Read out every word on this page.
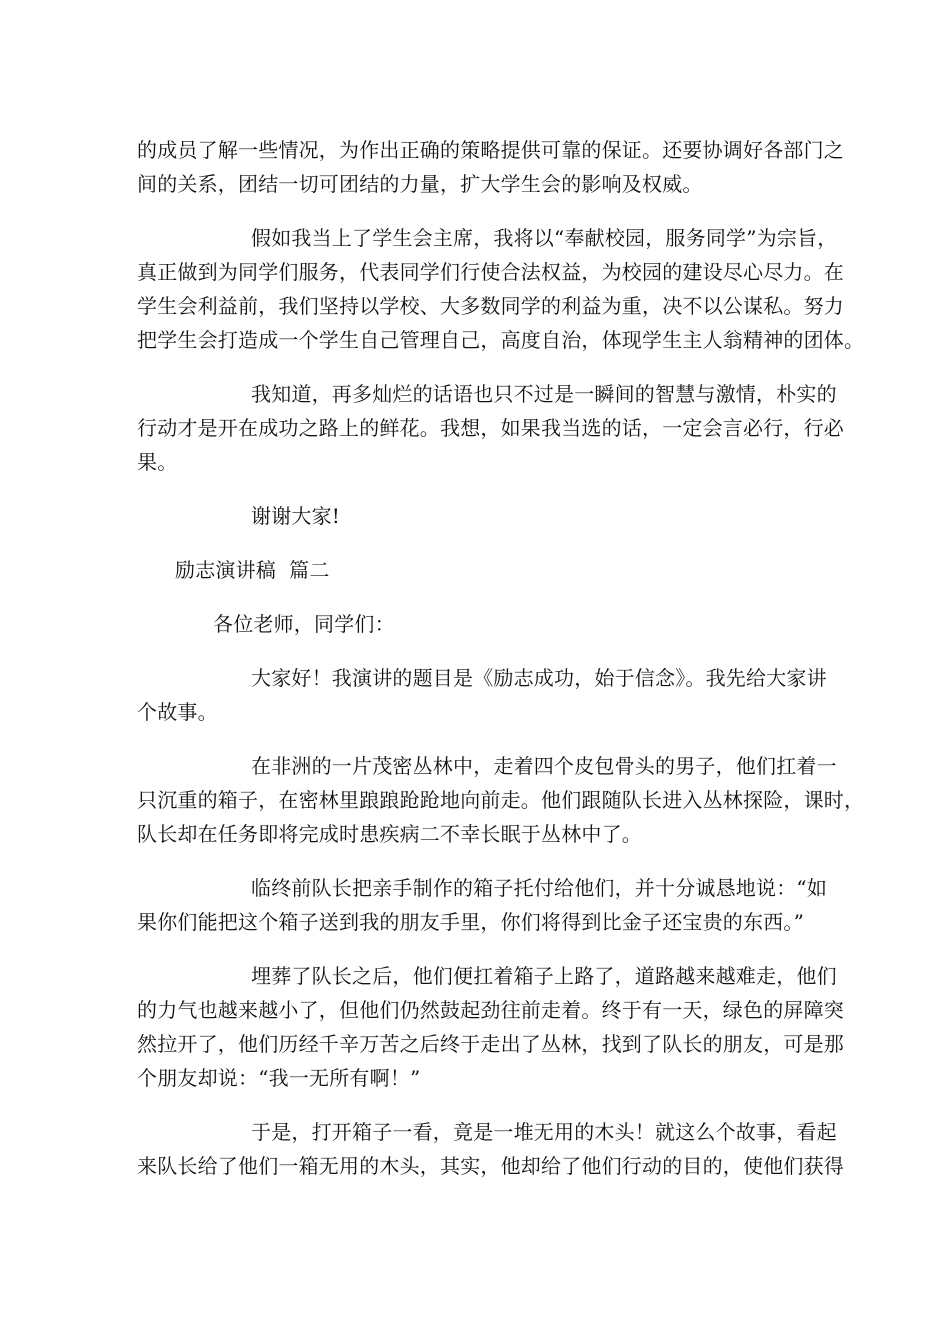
的成员了解一些情况，为作出正确的策略提供可靠的保证。还要协调好各部门之

间的关系，团结一切可团结的力量，扩大学生会的影响及权威。

假如我当上了学生会主席，我将以“奉献校园，服务同学”为宗旨，

真正做到为同学们服务，代表同学们行使合法权益，为校园的建设尽心尽力。在

学生会利益前，我们坚持以学校、大多数同学的利益为重，决不以公谋私。努力

把学生会打造成一个学生自己管理自己，高度自治，体现学生主人翁精神的团体。

我知道，再多灿烂的话语也只不过是一瞬间的智慧与激情，朴实的

行动才是开在成功之路上的鲜花。我想，如果我当选的话，一定会言必行，行必

果。

谢谢大家!

励志演讲稿  篇二

各位老师，同学们：

大家好！我演讲的题目是《励志成功，始于信念》。我先给大家讲

个故事。

在非洲的一片茂密丛林中，走着四个皮包骨头的男子，他们扛着一

只沉重的箱子，在密林里踉踉跄跄地向前走。他们跟随队长进入丛林探险，课时，

队长却在任务即将完成时患疾病二不幸长眠于丛林中了。

临终前队长把亲手制作的箱子托付给他们，并十分诚恳地说：“如

果你们能把这个箱子送到我的朋友手里，你们将得到比金子还宝贵的东西。”

埋葬了队长之后，他们便扛着箱子上路了，道路越来越难走，他们

的力气也越来越小了，但他们仍然鼓起劲往前走着。终于有一天，绿色的屏障突

然拉开了，他们历经千辛万苦之后终于走出了丛林，找到了队长的朋友，可是那

个朋友却说：“我一无所有啊！”

于是，打开箱子一看，竟是一堆无用的木头！就这么个故事，看起

来队长给了他们一箱无用的木头，其实，他却给了他们行动的目的，使他们获得
